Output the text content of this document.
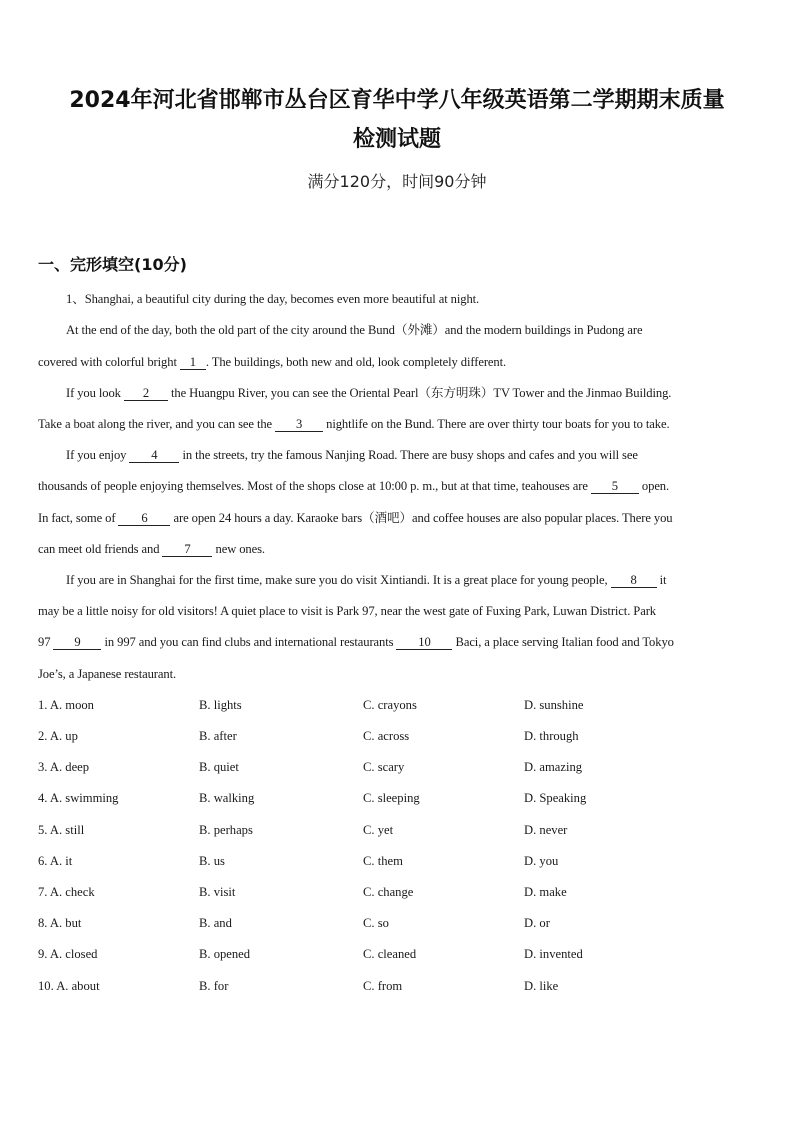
2024年河北省邯郸市丛台区育华中学八年级英语第二学期期末质量
检测试题
满分120分，时间90分钟
一、完形填空(10分)
1、Shanghai, a beautiful city during the day, becomes even more beautiful at night.
At the end of the day, both the old part of the city around the Bund（外滩）and the modern buildings in Pudong are
covered with colorful bright 1 . The buildings, both new and old, look completely different.
If you look 2 the Huangpu River, you can see the Oriental Pearl（东方明珠）TV Tower and the Jinmao Building.
Take a boat along the river, and you can see the 3 nightlife on the Bund. There are over thirty tour boats for you to take.
If you enjoy 4 in the streets, try the famous Nanjing Road. There are busy shops and cafes and you will see
thousands of people enjoying themselves. Most of the shops close at 10:00 p. m., but at that time, teahouses are 5 open.
In fact, some of 6 are open 24 hours a day. Karaoke bars（酒吧）and coffee houses are also popular places. There you
can meet old friends and 7 new ones.
If you are in Shanghai for the first time, make sure you do visit Xintiandi. It is a great place for young people, 8 it
may be a little noisy for old visitors! A quiet place to visit is Park 97, near the west gate of Fuxing Park, Luwan District. Park
97 9 in 997 and you can find clubs and international restaurants 10 Baci, a place serving Italian food and Tokyo
Joe’s, a Japanese restaurant.
1. A. moon	B. lights	C. crayons	D. sunshine
2. A. up	B. after	C. across	D. through
3. A. deep	B. quiet	C. scary	D. amazing
4. A. swimming	B. walking	C. sleeping	D. Speaking
5. A. still	B. perhaps	C. yet	D. never
6. A. it	B. us	C. them	D. you
7. A. check	B. visit	C. change	D. make
8. A. but	B. and	C. so	D. or
9. A. closed	B. opened	C. cleaned	D. invented
10. A. about	B. for	C. from	D. like
